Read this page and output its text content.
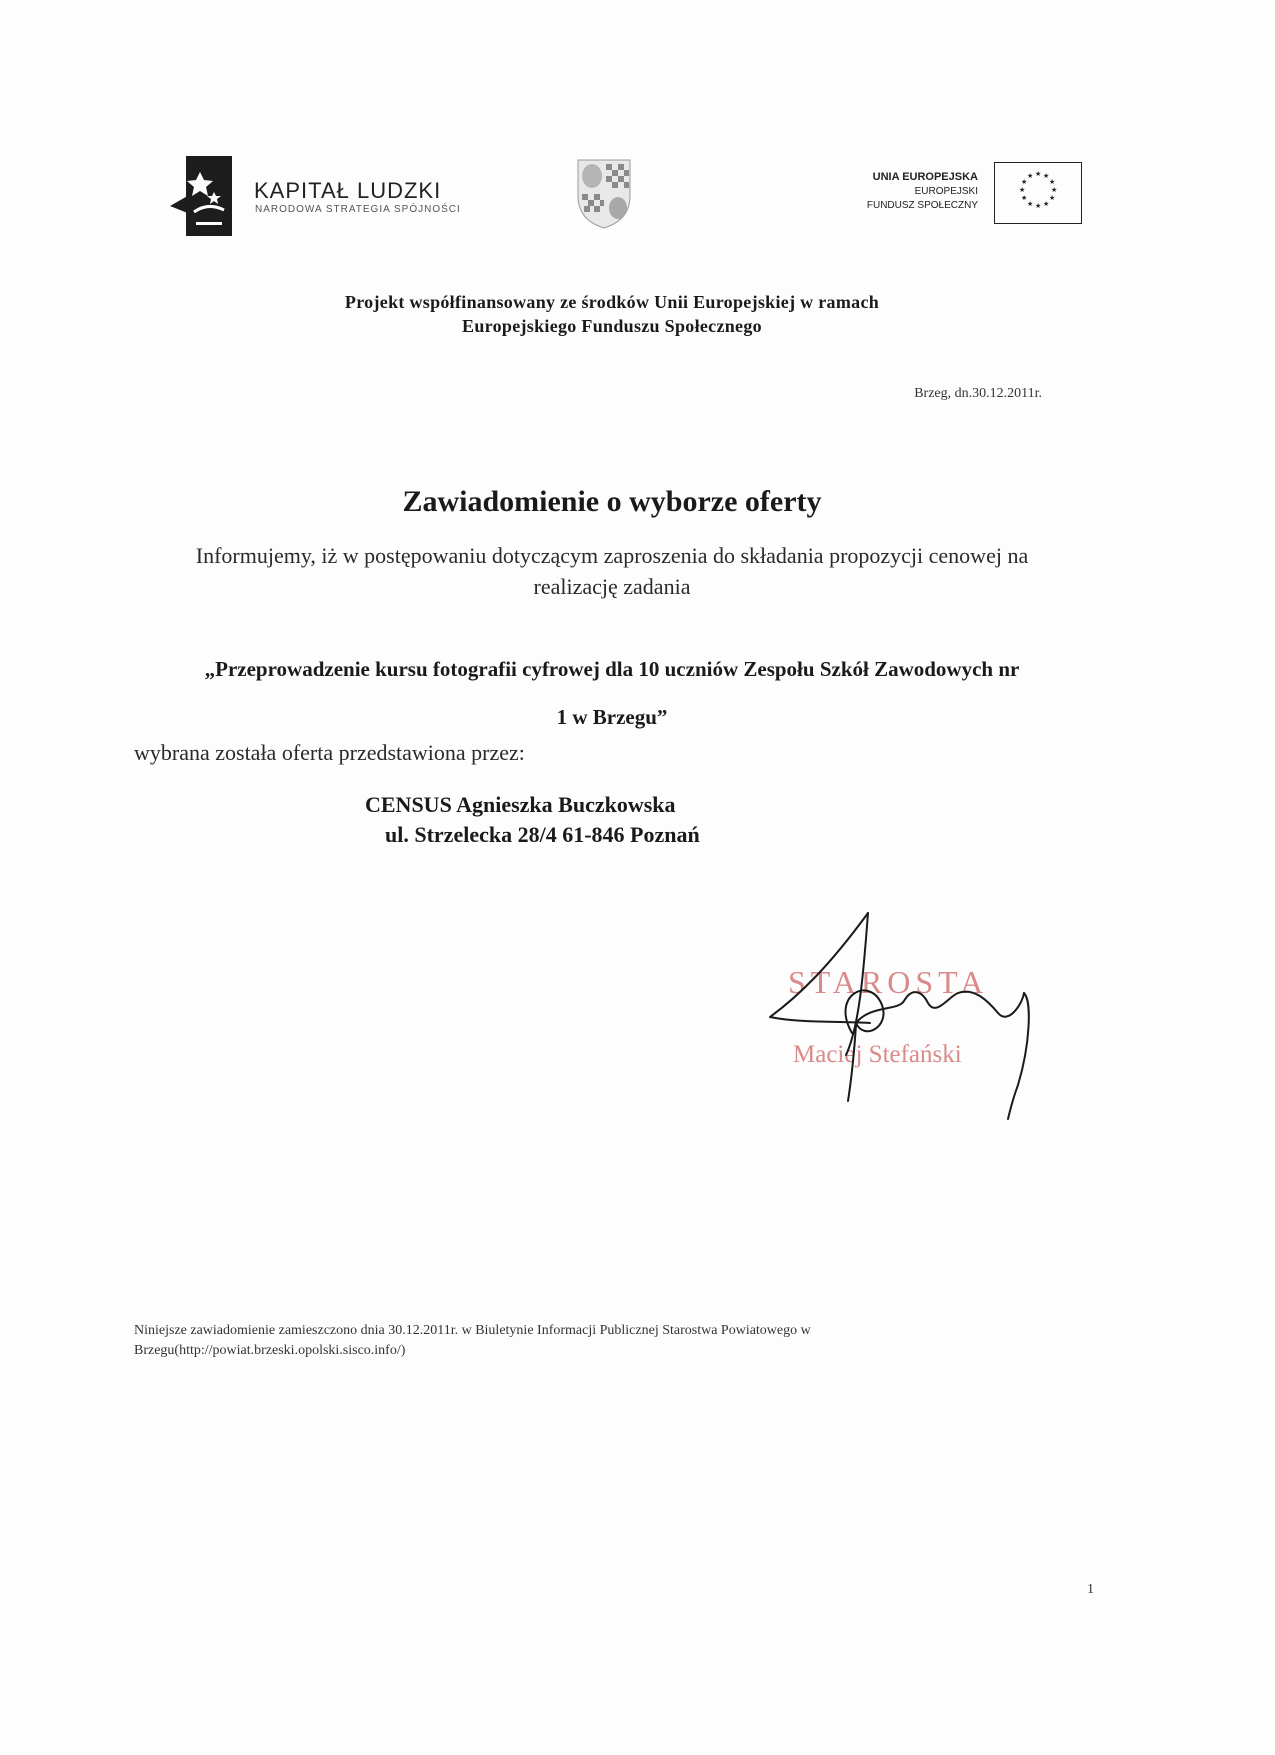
KAPITAŁ LUDZKI
NARODOWA STRATEGIA SPÓJNOŚCI
UNIA EUROPEJSKA
EUROPEJSKI
FUNDUSZ SPOŁECZNY
★ ★
★
★
★
★
★
★
★
★
★
★
Projekt współfinansowany ze środków Unii Europejskiej w ramach
Europejskiego Funduszu Społecznego
Brzeg, dn.30.12.2011r.
Zawiadomienie o wyborze oferty
Informujemy, iż w postępowaniu dotyczącym zaproszenia do składania propozycji cenowej na
realizację zadania
„Przeprowadzenie kursu fotografii cyfrowej dla 10 uczniów Zespołu Szkół Zawodowych nr
1 w Brzegu”
wybrana została oferta przedstawiona przez:
CENSUS Agnieszka Buczkowska
ul. Strzelecka 28/4 61-846 Poznań
STAROSTA
Maciej Stefański
Niniejsze zawiadomienie zamieszczono dnia 30.12.2011r. w Biuletynie Informacji Publicznej Starostwa Powiatowego w
Brzegu(http://powiat.brzeski.opolski.sisco.info/)
1
